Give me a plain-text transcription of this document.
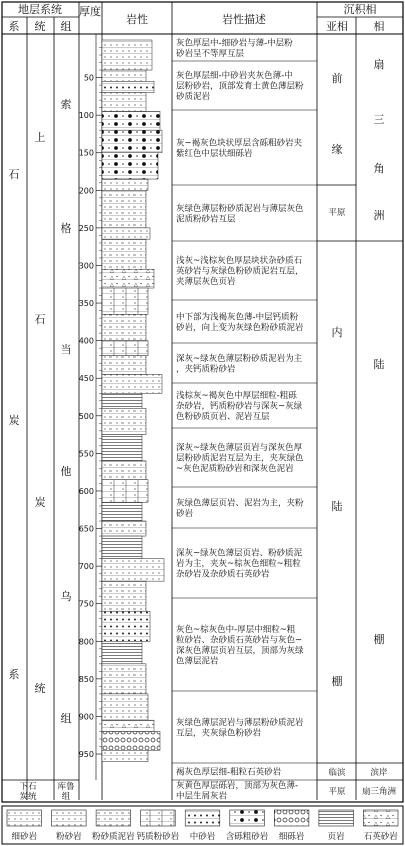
地层系统
系 统 组
厚度
岩性	岩性描述
沉积相
亚相 相
石
炭
系
上
石
炭
统
索
格
当
他
乌
组
下石炭统
库鲁组
50
100
150
200
250
300
350
400
450
500
550
600
650
700
750
800
850
900
950
灰色厚层中-细砂岩与薄-中层粉砂岩呈不等厚互层
灰色厚层细-中砂岩夹灰色薄-中层粉砂岩，顶部发育土黄色薄层粉砂质泥岩
灰~褐灰色块状厚层含砾粗砂岩夹紫红色中层状细砾岩
灰绿色薄层粉砂质泥岩与薄层灰色泥质粉砂岩互层
浅灰~浅棕灰色厚层块状杂砂质石英砂岩与灰绿色粉砂质泥岩互层，夹薄层灰色页岩
中下部为浅褐灰色薄-中层钙质粉砂岩，向上变为灰绿色粉砂质泥岩
深灰~绿灰色薄层粉砂质泥岩为主，夹钙质粉砂岩
浅棕灰~褐灰色中厚层细粒-粗砾杂砂岩，钙质粉砂岩与深灰~灰绿色粉砂质页岩、泥岩互层
深灰~绿灰色薄层页岩与深灰色厚层粉砂质泥岩互层为主，夹灰绿色~灰色泥质粉砂岩和深灰色泥岩
灰绿色薄层页岩、泥岩为主，夹粉砂岩
深灰~绿灰色薄层页岩、粉砂质泥岩为主，夹灰~棕灰色细粒~粗粒杂砂岩及杂砂质石英砂岩
灰色~棕灰色中-厚层中细粒~粗粒砂岩、杂砂质石英砂岩与灰色~深灰色薄层页岩互层，顶部为灰绿色薄层泥岩
灰绿色薄层泥岩与薄层粉砂质泥岩互层，夹灰绿色粉砂岩
褐灰色厚层细-粗粒石英砂岩
灰黄色厚层砾岩，顶部为灰色薄-中层生屑灰岩
前
缘
平原
内
陆
棚
临滨
平原
扇
三
角
洲
陆
棚
滨岸
扇三角洲
细砂岩 粉砂岩 粉砂质泥岩 钙质粉砂岩 中砂岩 含砾粗砂岩 细砾岩	页岩 石英砂岩
